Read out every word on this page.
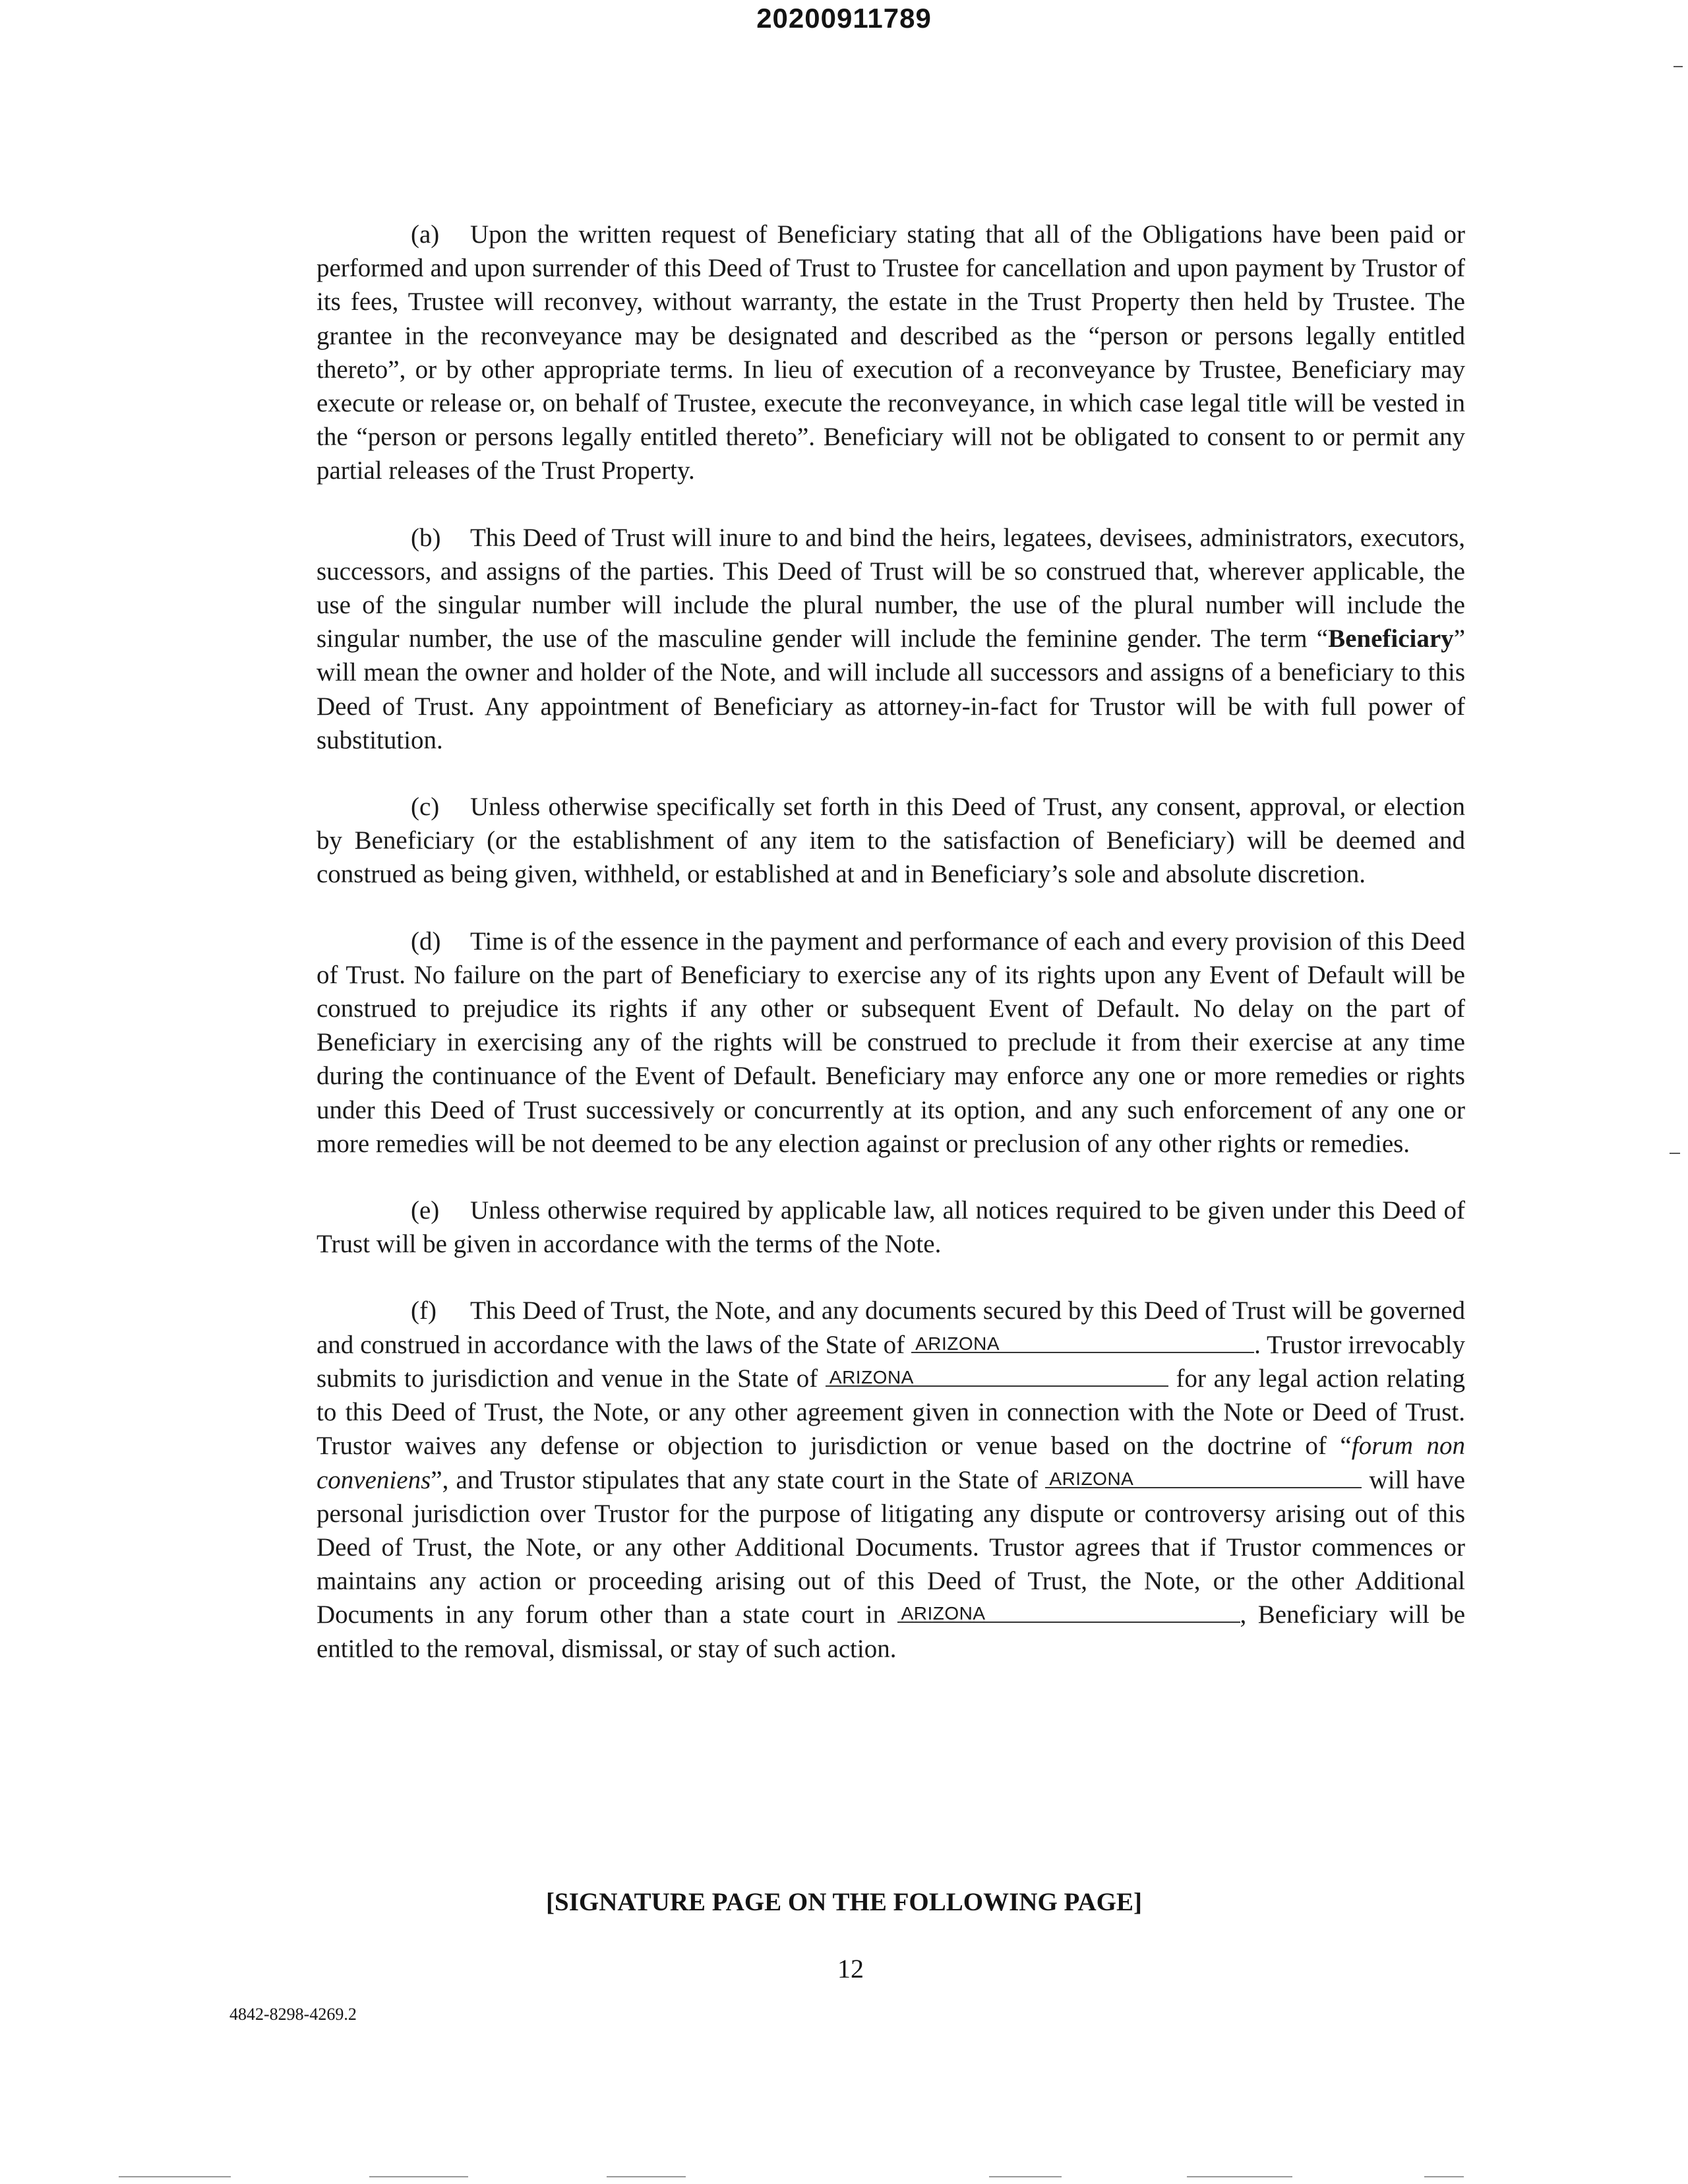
20200911789

(a) Upon the written request of Beneficiary stating that all of the Obligations have been paid or performed and upon surrender of this Deed of Trust to Trustee for cancellation and upon payment by Trustor of its fees, Trustee will reconvey, without warranty, the estate in the Trust Property then held by Trustee. The grantee in the reconveyance may be designated and described as the “person or persons legally entitled thereto”, or by other appropriate terms. In lieu of execution of a reconveyance by Trustee, Beneficiary may execute or release or, on behalf of Trustee, execute the reconveyance, in which case legal title will be vested in the “person or persons legally entitled thereto”. Beneficiary will not be obligated to consent to or permit any partial releases of the Trust Property.

(b) This Deed of Trust will inure to and bind the heirs, legatees, devisees, administrators, executors, successors, and assigns of the parties. This Deed of Trust will be so construed that, wherever applicable, the use of the singular number will include the plural number, the use of the plural number will include the singular number, the use of the masculine gender will include the feminine gender. The term “Beneficiary” will mean the owner and holder of the Note, and will include all successors and assigns of a beneficiary to this Deed of Trust. Any appointment of Beneficiary as attorney-in-fact for Trustor will be with full power of substitution.

(c) Unless otherwise specifically set forth in this Deed of Trust, any consent, approval, or election by Beneficiary (or the establishment of any item to the satisfaction of Beneficiary) will be deemed and construed as being given, withheld, or established at and in Beneficiary’s sole and absolute discretion.

(d) Time is of the essence in the payment and performance of each and every provision of this Deed of Trust. No failure on the part of Beneficiary to exercise any of its rights upon any Event of Default will be construed to prejudice its rights if any other or subsequent Event of Default. No delay on the part of Beneficiary in exercising any of the rights will be construed to preclude it from their exercise at any time during the continuance of the Event of Default. Beneficiary may enforce any one or more remedies or rights under this Deed of Trust successively or concurrently at its option, and any such enforcement of any one or more remedies will be not deemed to be any election against or preclusion of any other rights or remedies.

(e) Unless otherwise required by applicable law, all notices required to be given under this Deed of Trust will be given in accordance with the terms of the Note.

(f) This Deed of Trust, the Note, and any documents secured by this Deed of Trust will be governed and construed in accordance with the laws of the State of ARIZONA	. Trustor irrevocably submits to jurisdiction and venue in the State of ARIZONA	for any legal action relating to this Deed of Trust, the Note, or any other agreement given in connection with the Note or Deed of Trust. Trustor waives any defense or objection to jurisdiction or venue based on the doctrine of “forum non conveniens”, and Trustor stipulates that any state court in the State of ARIZONA	will have personal jurisdiction over Trustor for the purpose of litigating any dispute or controversy arising out of this Deed of Trust, the Note, or any other Additional Documents. Trustor agrees that if Trustor commences or maintains any action or proceeding arising out of this Deed of Trust, the Note, or the other Additional Documents in any forum other than a state court in ARIZONA	, Beneficiary will be entitled to the removal, dismissal, or stay of such action.

[SIGNATURE PAGE ON THE FOLLOWING PAGE]
12
4842-8298-4269.2
